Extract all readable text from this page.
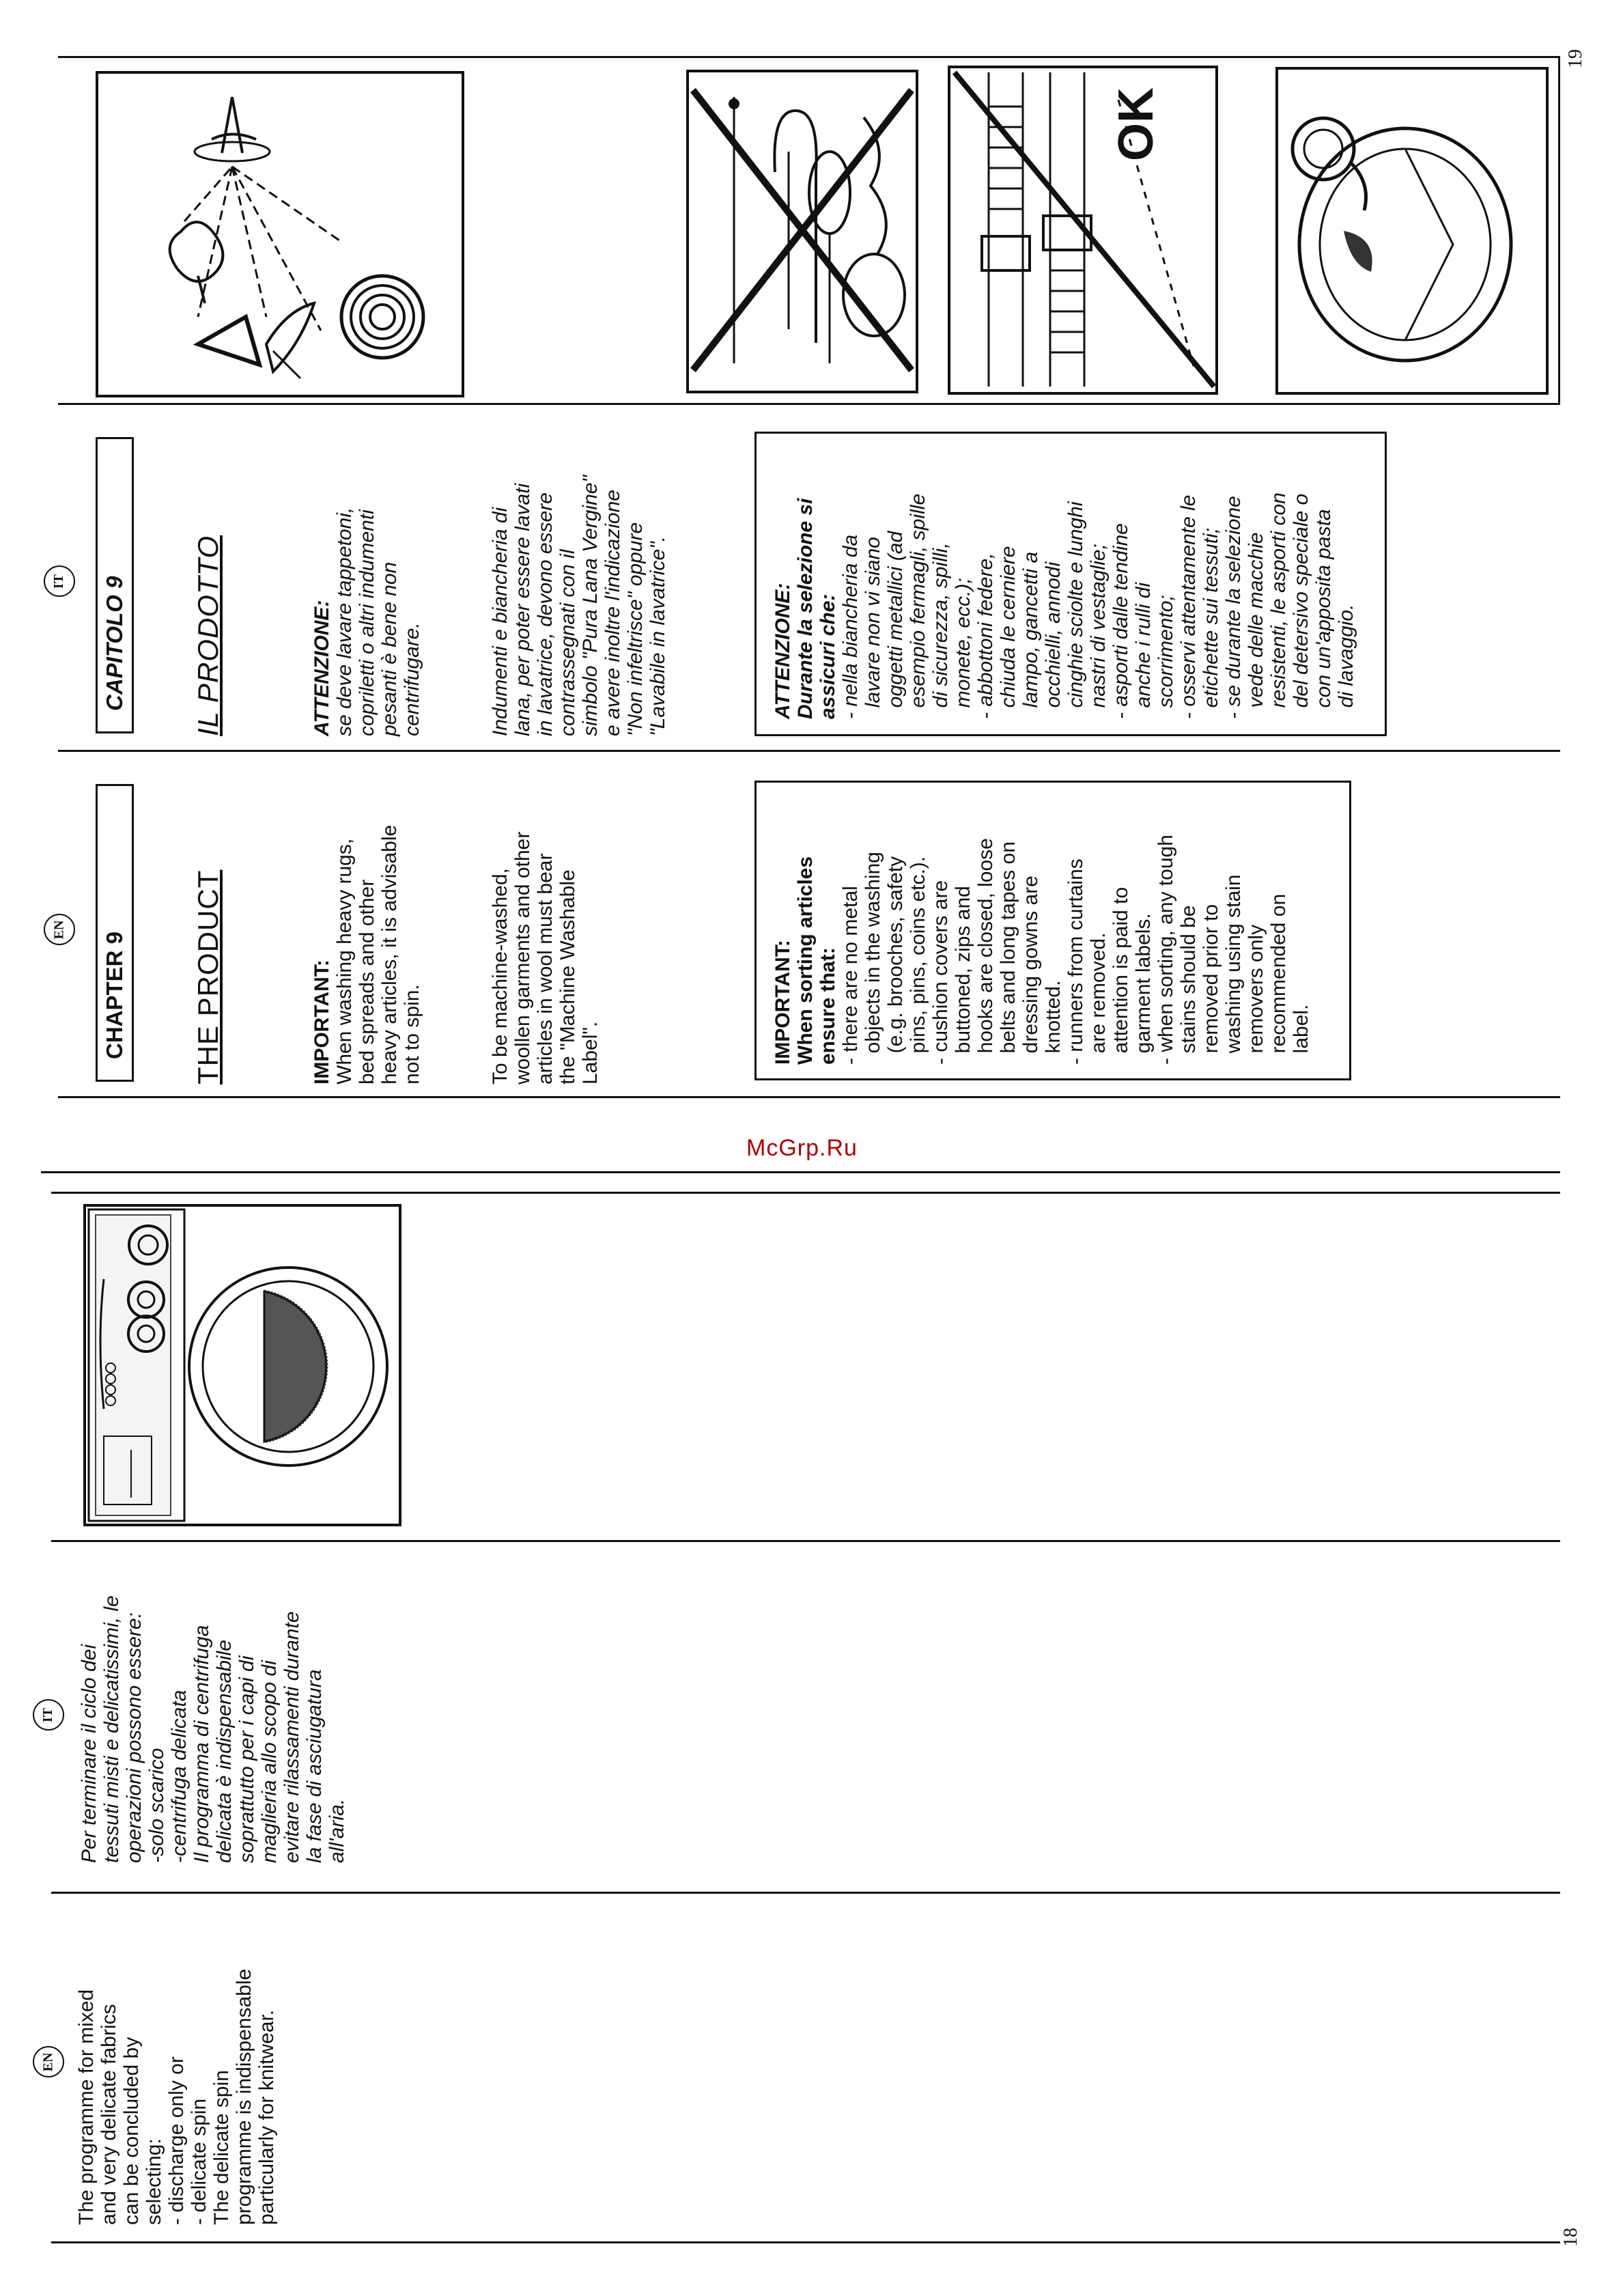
18
19
McGrp.Ru
EN
The programme for mixed
and very delicate fabrics
can be concluded by
selecting:
- discharge only or
- delicate spin
The delicate spin
programme is indispensable
particularly for knitwear.
IT
Per terminare il ciclo dei
tessuti misti e delicatissimi, le
operazioni possono essere:
-solo scarico
-centrifuga delicata
Il programma di centrifuga
delicata è indispensabile
soprattutto per i capi di
maglieria allo scopo di
evitare rilassamenti durante
la fase di asciugatura
all'aria.
EN
CHAPTER 9 THE PRODUCT	IMPORTANT: When washing heavy rugs,
bed spreads and other
heavy articles, it is advisable
not to spin.
To be machine-washed,
woollen garments and other
articles in wool must bear
the "Machine Washable
Label".	IMPORTANT:
When sorting articles
ensure that:
- there are no metal
objects in the washing
(e.g. brooches, safety
pins, pins, coins etc.).
- cushion covers are
buttoned, zips and
hooks are closed, loose
belts and long tapes on
dressing gowns are
knotted.
- runners from curtains
are removed.
attention is paid to
garment labels.
- when sorting, any tough
stains should be
removed prior to
washing using stain
removers only
recommended on
label.
IT CAPITOLO 9 IL PRODOTTO	ATTENZIONE: se deve lavare tappetoni,
copriletti o altri indumenti
pesanti è bene non
centrifugare.	Indumenti e biancheria di
lana, per poter essere lavati
in lavatrice, devono essere
contrassegnati con il
simbolo "Pura Lana Vergine"
e avere inoltre l'indicazione
"Non infeltrisce" oppure
"Lavabile in lavatrice".
ATTENZIONE:
Durante la selezione si
assicuri che:
- nella biancheria da
lavare non vi siano
oggetti metallici (ad
esempio fermagli, spille
di sicurezza, spilli,
monete, ecc.);
- abbottoni federe,
chiuda le cerniere
lampo, gancetti a
occhielli, annodi
cinghie sciolte e lunghi
nastri di vestaglie;
- asporti dalle tendine
anche i rulli di
scorrimento;
- osservi attentamente le
etichette sui tessuti;
- se durante la selezione
vede delle macchie
resistenti, le asporti con
del detersivo speciale o
con un'apposita pasta
di lavaggio.
OK
